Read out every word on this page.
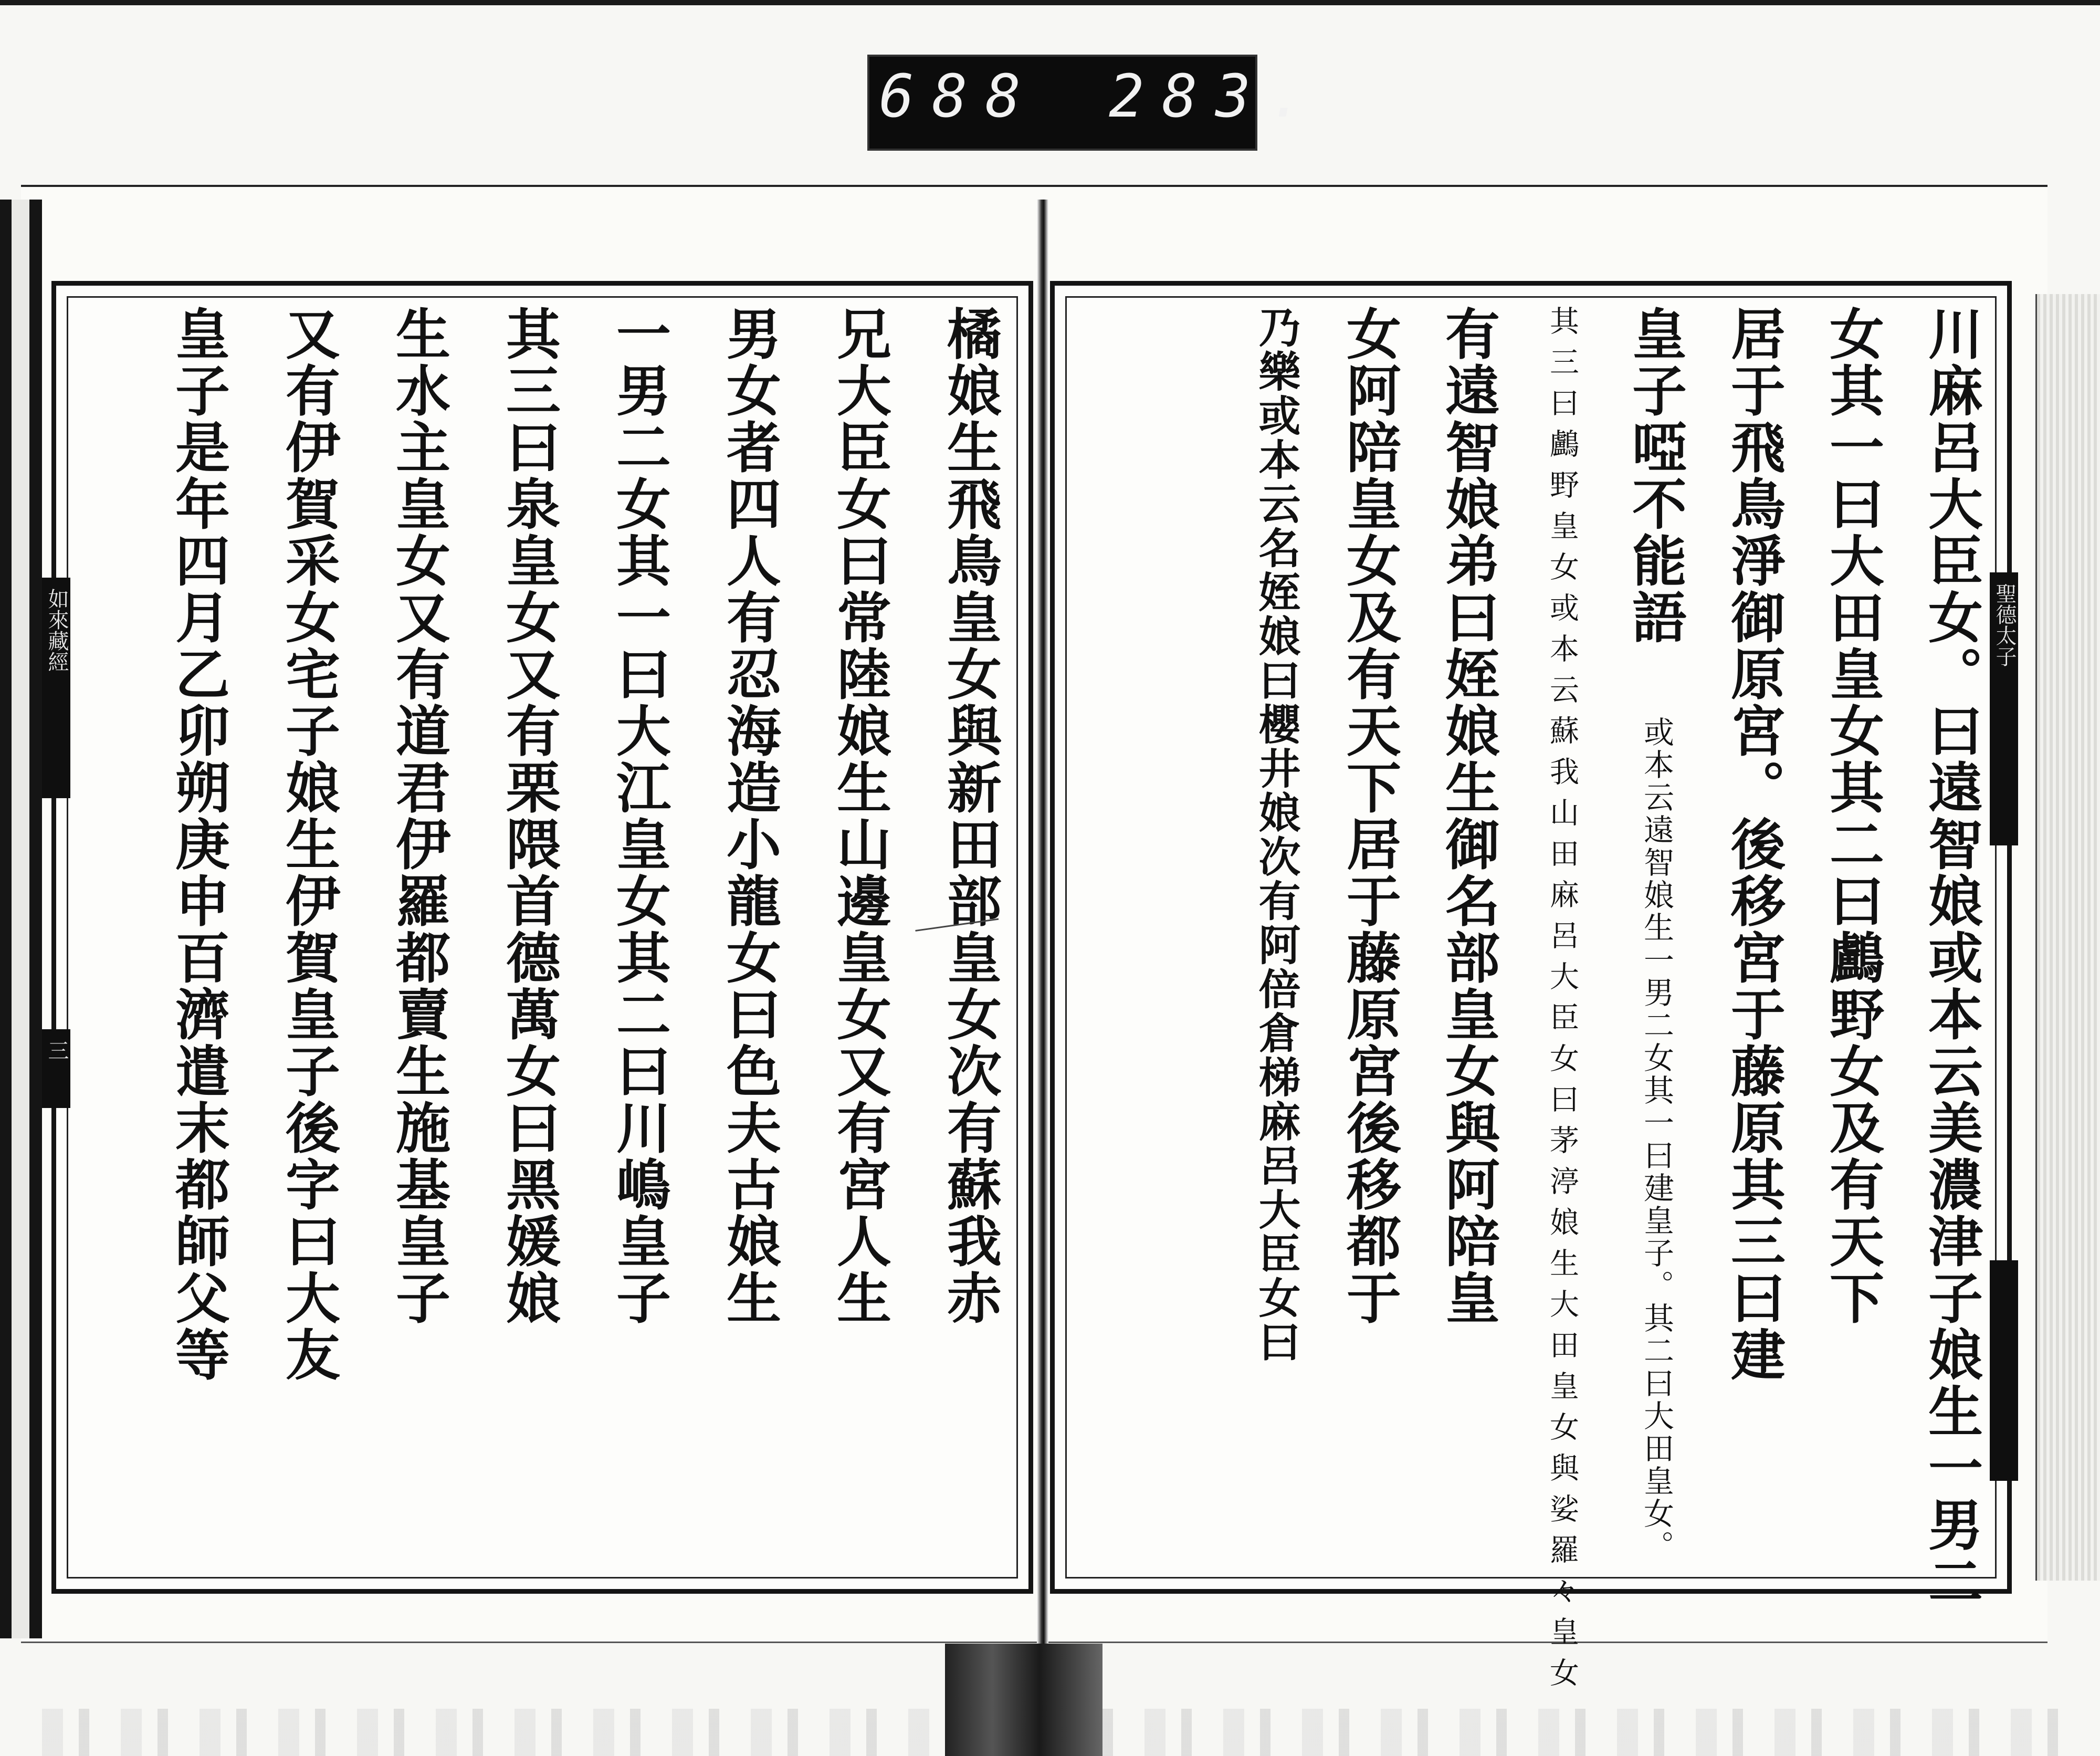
688 283.
川麻呂大臣女。曰遠智娘或本云美濃津子娘生一男二
女其一曰大田皇女其二曰鸕野女及有天下
居于飛鳥淨御原宮。後移宮于藤原其三曰建
皇子啞不能語
或本云遠智娘生一男二女其一曰建皇子。其二曰大田皇女。
其三曰鸕野皇女或本云蘇我山田麻呂大臣女曰茅渟娘生大田皇女與娑羅々皇女
有遠智娘弟曰姪娘生御名部皇女與阿陪皇
女阿陪皇女及有天下居于藤原宮後移都于
乃樂或本云名姪娘曰櫻井娘次有阿倍倉梯麻呂大臣女曰
橘娘生飛鳥皇女與新田部皇女次有蘇我赤
兄大臣女曰常陸娘生山邊皇女又有宮人生
男女者四人有忍海造小龍女曰色夫古娘生
一男二女其一曰大江皇女其二曰川嶋皇子
其三曰泉皇女又有栗隈首德萬女曰黑媛娘
生水主皇女又有道君伊羅都賣生施基皇子
又有伊賀采女宅子娘生伊賀皇子後字曰大友
皇子是年四月乙卯朔庚申百濟遣末都師父等
如來藏經
三
聖德太子
